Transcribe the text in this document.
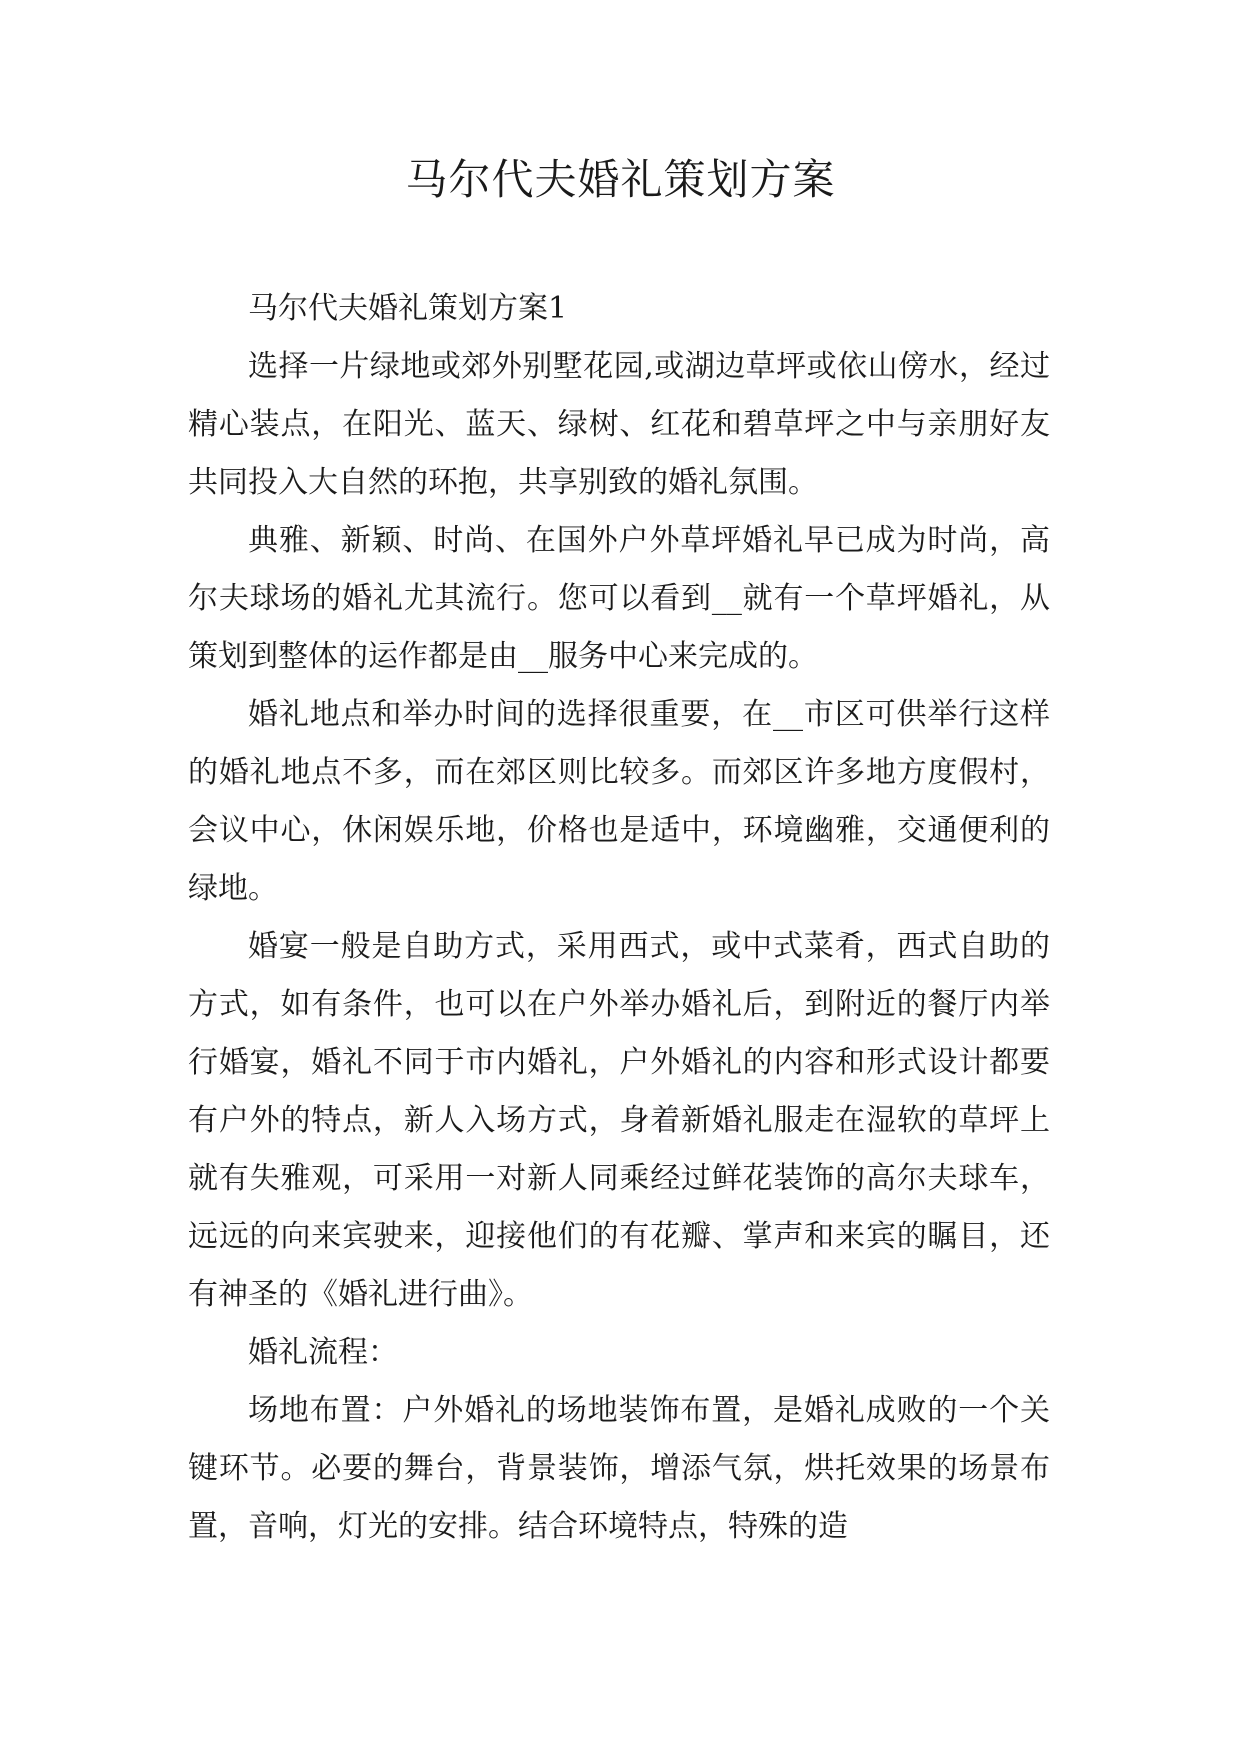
马尔代夫婚礼策划方案

马尔代夫婚礼策划方案1

选择一片绿地或郊外别墅花园,或湖边草坪或依山傍水，经过精心装点，在阳光、蓝天、绿树、红花和碧草坪之中与亲朋好友共同投入大自然的环抱，共享别致的婚礼氛围。

典雅、新颖、时尚、在国外户外草坪婚礼早已成为时尚，高尔夫球场的婚礼尤其流行。您可以看到__就有一个草坪婚礼，从策划到整体的运作都是由__服务中心来完成的。

婚礼地点和举办时间的选择很重要，在__市区可供举行这样的婚礼地点不多，而在郊区则比较多。而郊区许多地方度假村，会议中心，休闲娱乐地，价格也是适中，环境幽雅，交通便利的绿地。

婚宴一般是自助方式，采用西式，或中式菜肴，西式自助的方式，如有条件，也可以在户外举办婚礼后，到附近的餐厅内举行婚宴，婚礼不同于市内婚礼，户外婚礼的内容和形式设计都要有户外的特点，新人入场方式，身着新婚礼服走在湿软的草坪上就有失雅观，可采用一对新人同乘经过鲜花装饰的高尔夫球车，远远的向来宾驶来，迎接他们的有花瓣、掌声和来宾的瞩目，还有神圣的《婚礼进行曲》。

婚礼流程：

场地布置：户外婚礼的场地装饰布置，是婚礼成败的一个关键环节。必要的舞台，背景装饰，增添气氛，烘托效果的场景布置，音响，灯光的安排。结合环境特点，特殊的造
